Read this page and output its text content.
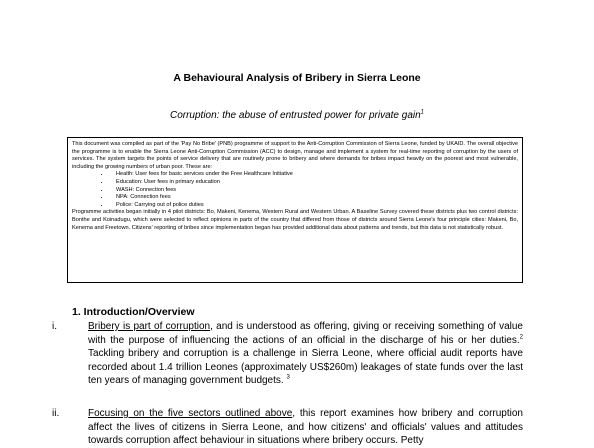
A Behavioural Analysis of Bribery in Sierra Leone
Corruption: the abuse of entrusted power for private gain$^1$

This document was compiled as part of the 'Pay No Bribe' (PNB) programme of support to the Anti-Corruption Commission of Sierra Leone, funded by UKAID. The overall objective the programme is to enable the Sierra Leone Anti-Corruption Commission (ACC) to design, manage and implement a system for real-time reporting of corruption by the users of services. The system targets the points of service delivery that are routinely prone to bribery and where demands for bribes impact heavily on the poorest and most vulnerable, including the growing numbers of urban poor. These are:

• Health: User fees for basic services under the Free Healthcare Initiative
• Education: User fees in primary education
• WASH: Connection fees
• NPA: Connection fees
• Police: Carrying out of police duties

Programme activities began initially in 4 pilot districts: Bo, Makeni, Kenema, Western Rural and Western Urban. A Baseline Survey covered these districts plus two control districts: Bonthe and Koinadugu, which were selected to reflect opinions in parts of the country that differed from those of districts around Sierra Leone's four principle cities: Makeni, Bo, Kenema and Freetown. Citizens' reporting of bribes since implementation began has provided additional data about patterns and trends, but this data is not statistically robust.

1. Introduction/Overview
i.	Bribery is part of corruption, and is understood as offering, giving or receiving something of value with the purpose of influencing the actions of an official in the discharge of his or her duties.$^2$ Tackling bribery and corruption is a challenge in Sierra Leone, where official audit reports have recorded about 1.4 trillion Leones (approximately US$260m) leakages of state funds over the last ten years of managing government budgets. $^3$
ii.	Focusing on the five sectors outlined above, this report examines how bribery and corruption affect the lives of citizens in Sierra Leone, and how citizens' and officials' values and attitudes towards corruption affect behaviour in situations where bribery occurs. Petty
